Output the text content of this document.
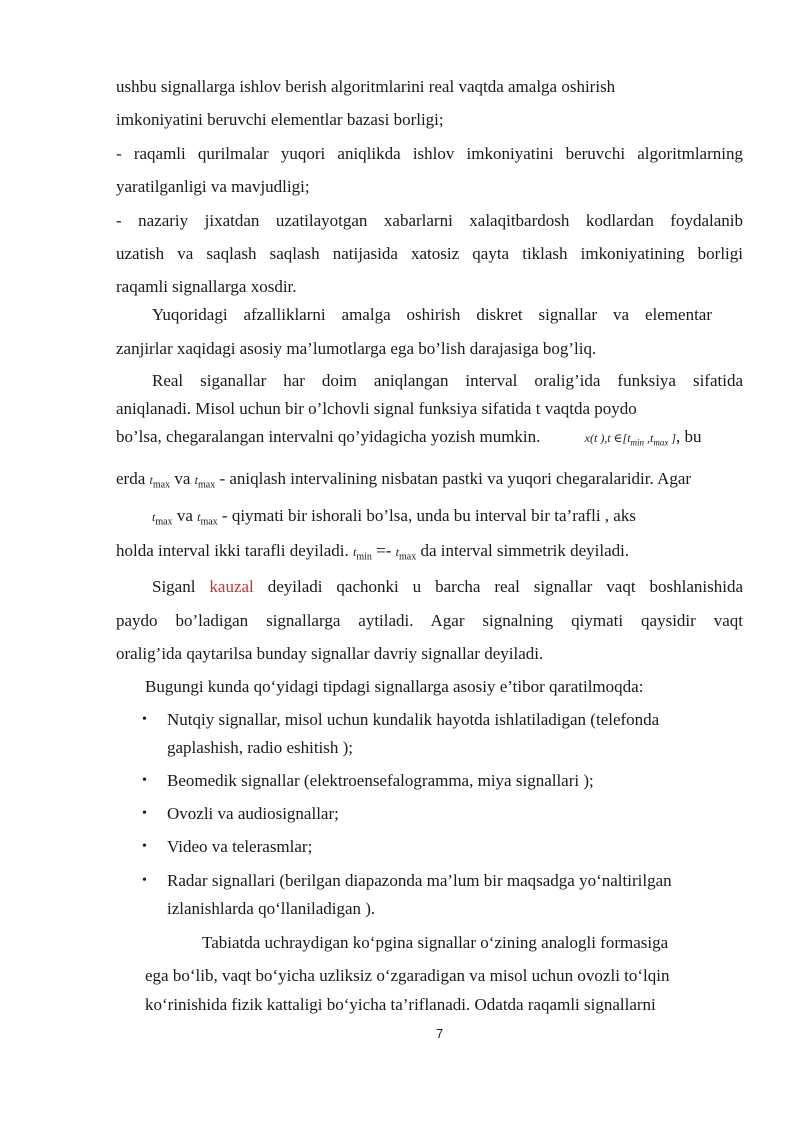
ushbu signallarga ishlov berish algoritmlarini real vaqtda amalga oshirish
imkoniyatini beruvchi elementlar bazasi borligi;
- raqamli qurilmalar yuqori aniqlikda ishlov imkoniyatini beruvchi algoritmlarning
yaratilganligi va mavjudligi;
- nazariy jixatdan uzatilayotgan xabarlarni xalaqitbardosh kodlardan foydalanib
uzatish va saqlash saqlash natijasida xatosiz qayta tiklash imkoniyatining borligi
raqamli signallarga xosdir.
Yuqoridagi afzalliklarni amalga oshirish diskret signallar va elementar
zanjirlar xaqidagi asosiy ma’lumotlarga ega bo’lish darajasiga bog’liq.
Real siganallar har doim aniqlangan interval oralig’ida funksiya sifatida
aniqlanadi. Misol uchun bir o’lchovli signal funksiya sifatida t vaqtda poydo
bo’lsa, chegaralangan intervalni qo’yidagicha yozish mumkin.	x(t ),t $\in[t_{min}$ $,t_{max}$ ], bu
erda $t_{max}$ va $t_{max}$ - aniqlash intervalining nisbatan pastki va yuqori chegaralaridir. Agar
$t_{max}$ va $t_{max}$ - qiymati bir ishorali bo’lsa, unda bu interval bir ta’rafli , aks
holda interval ikki tarafli deyiladi. $t_{min} =- t_{max}$ da interval simmetrik deyiladi.
Siganl kauzal deyiladi qachonki u barcha real signallar vaqt boshlanishida
paydo bo’ladigan signallarga aytiladi. Agar signalning qiymati qaysidir vaqt
oralig’ida qaytarilsa bunday signallar davriy signallar deyiladi.
Bugungi kunda qo‘yidagi tipdagi signallarga asosiy e’tibor qaratilmoqda:
• Nutqiy signallar, misol uchun kundalik hayotda ishlatiladigan (telefonda
gaplashish, radio eshitish );
• Beomedik signallar (elektroensefalogramma, miya signallari );
• Ovozli va audiosignallar;
• Video va telerasmlar;
• Radar signallari (berilgan diapazonda ma’lum bir maqsadga yo‘naltirilgan
izlanishlarda qo‘llaniladigan ).
Tabiatda uchraydigan ko‘pgina signallar o‘zining analogli formasiga
ega bo‘lib, vaqt bo‘yicha uzliksiz o‘zgaradigan va misol uchun ovozli to‘lqin
ko‘rinishida fizik kattaligi bo‘yicha ta’riflanadi. Odatda raqamli signallarni
7
